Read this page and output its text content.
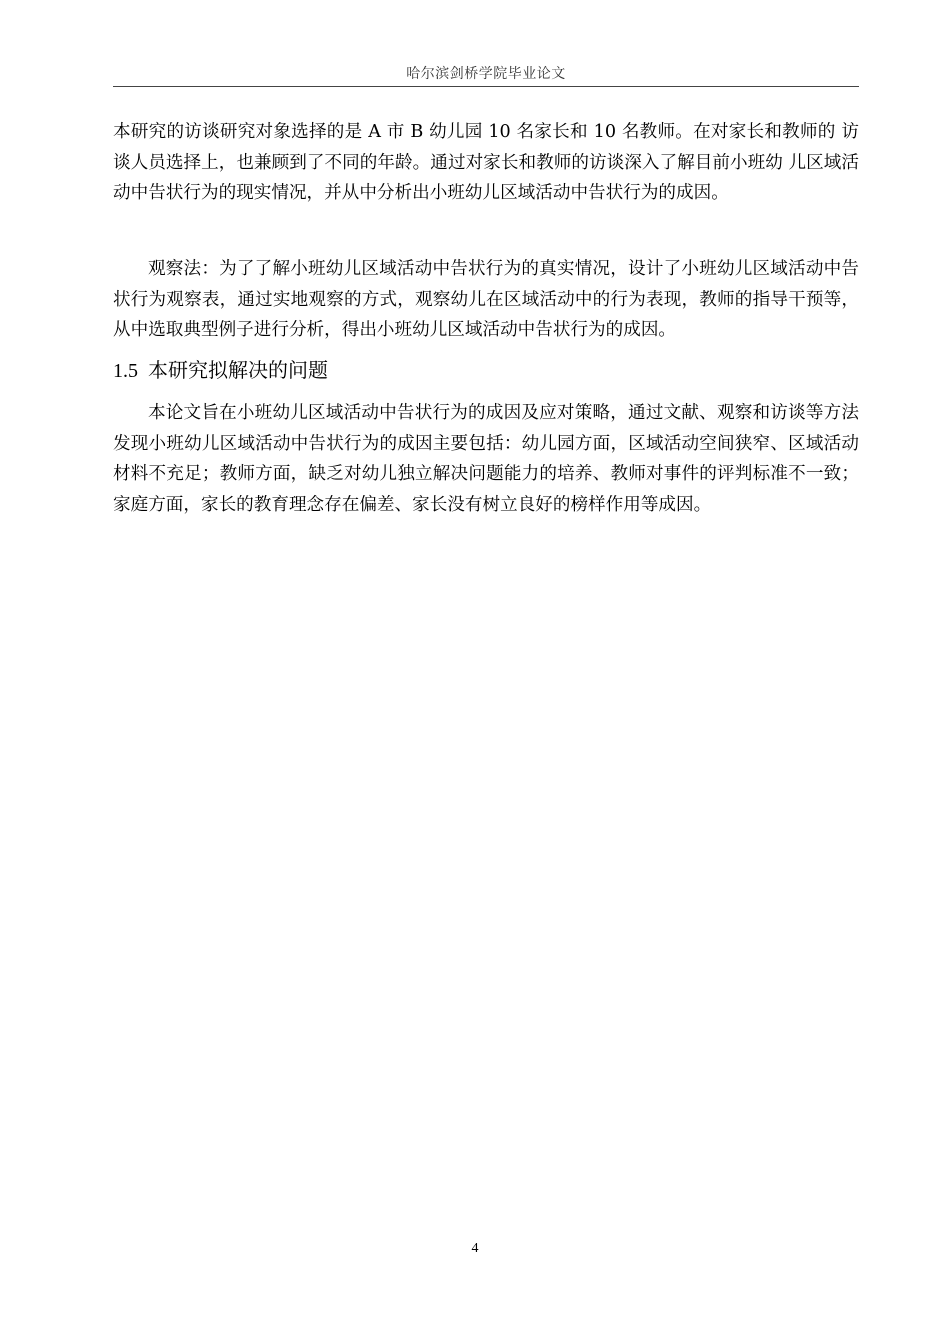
哈尔滨剑桥学院毕业论文

本研究的访谈研究对象选择的是 A 市 B 幼儿园 10 名家长和 10 名教师。在对家长和教师的 访谈人员选择上，也兼顾到了不同的年龄。通过对家长和教师的访谈深入了解目前小班幼 儿区域活动中告状行为的现实情况，并从中分析出小班幼儿区域活动中告状行为的成因。

观察法：为了了解小班幼儿区域活动中告状行为的真实情况，设计了小班幼儿区域活动中告状行为观察表，通过实地观察的方式，观察幼儿在区域活动中的行为表现，教师的指导干预等，从中选取典型例子进行分析，得出小班幼儿区域活动中告状行为的成因。

1.5 本研究拟解决的问题

本论文旨在小班幼儿区域活动中告状行为的成因及应对策略，通过文献、观察和访谈等方法发现小班幼儿区域活动中告状行为的成因主要包括：幼儿园方面，区域活动空间狭窄、区域活动材料不充足；教师方面，缺乏对幼儿独立解决问题能力的培养、教师对事件的评判标准不一致；家庭方面，家长的教育理念存在偏差、家长没有树立良好的榜样作用等成因。

4
